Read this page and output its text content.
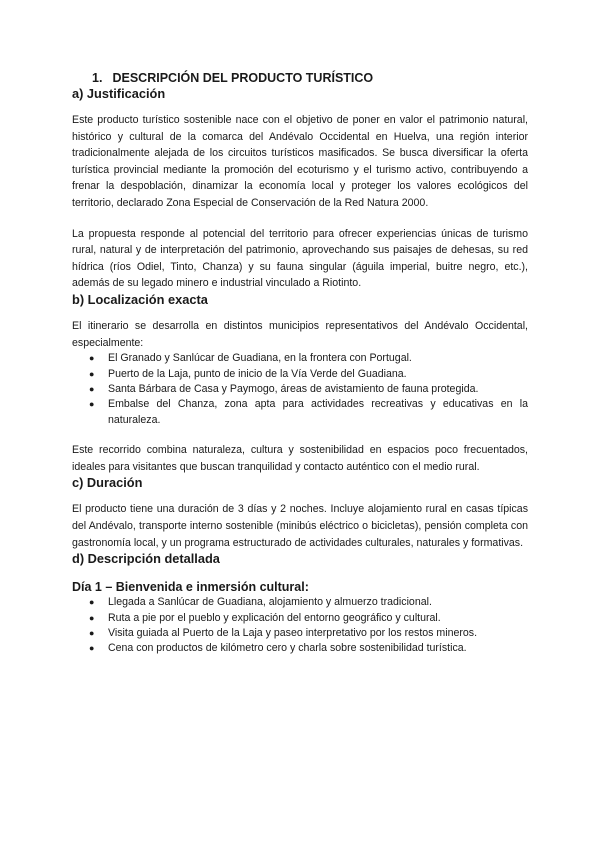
1. DESCRIPCIÓN DEL PRODUCTO TURÍSTICO
a) Justificación

Este producto turístico sostenible nace con el objetivo de poner en valor el patrimonio natural, histórico y cultural de la comarca del Andévalo Occidental en Huelva, una región interior tradicionalmente alejada de los circuitos turísticos masificados. Se busca diversificar la oferta turística provincial mediante la promoción del ecoturismo y el turismo activo, contribuyendo a frenar la despoblación, dinamizar la economía local y proteger los valores ecológicos del territorio, declarado Zona Especial de Conservación de la Red Natura 2000.

La propuesta responde al potencial del territorio para ofrecer experiencias únicas de turismo rural, natural y de interpretación del patrimonio, aprovechando sus paisajes de dehesas, su red hídrica (ríos Odiel, Tinto, Chanza) y su fauna singular (águila imperial, buitre negro, etc.), además de su legado minero e industrial vinculado a Riotinto.

b) Localización exacta

El itinerario se desarrolla en distintos municipios representativos del Andévalo Occidental, especialmente:

● El Granado y Sanlúcar de Guadiana, en la frontera con Portugal.
● Puerto de la Laja, punto de inicio de la Vía Verde del Guadiana.
● Santa Bárbara de Casa y Paymogo, áreas de avistamiento de fauna protegida.
● Embalse del Chanza, zona apta para actividades recreativas y educativas en la naturaleza.

Este recorrido combina naturaleza, cultura y sostenibilidad en espacios poco frecuentados, ideales para visitantes que buscan tranquilidad y contacto auténtico con el medio rural.

c) Duración

El producto tiene una duración de 3 días y 2 noches. Incluye alojamiento rural en casas típicas del Andévalo, transporte interno sostenible (minibús eléctrico o bicicletas), pensión completa con gastronomía local, y un programa estructurado de actividades culturales, naturales y formativas.

d) Descripción detallada
Día 1 – Bienvenida e inmersión cultural:
● Llegada a Sanlúcar de Guadiana, alojamiento y almuerzo tradicional.
● Ruta a pie por el pueblo y explicación del entorno geográfico y cultural.
● Visita guiada al Puerto de la Laja y paseo interpretativo por los restos mineros.
● Cena con productos de kilómetro cero y charla sobre sostenibilidad turística.
